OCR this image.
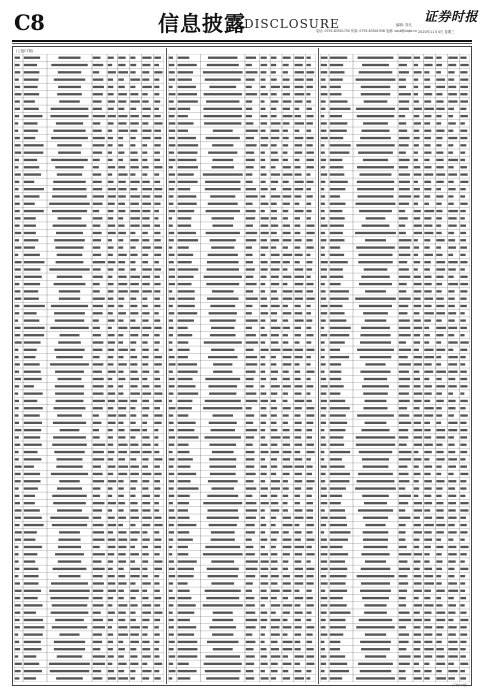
C8	信息披露
DISCLOSURE	编辑: 刘凡
电话: 0755-83501750 传真: 0755-83501938 电邮: zqsb@zqsb.cn
证券时报
2020年11月4日 星期三
(上接C7版)
(下转C9版)
